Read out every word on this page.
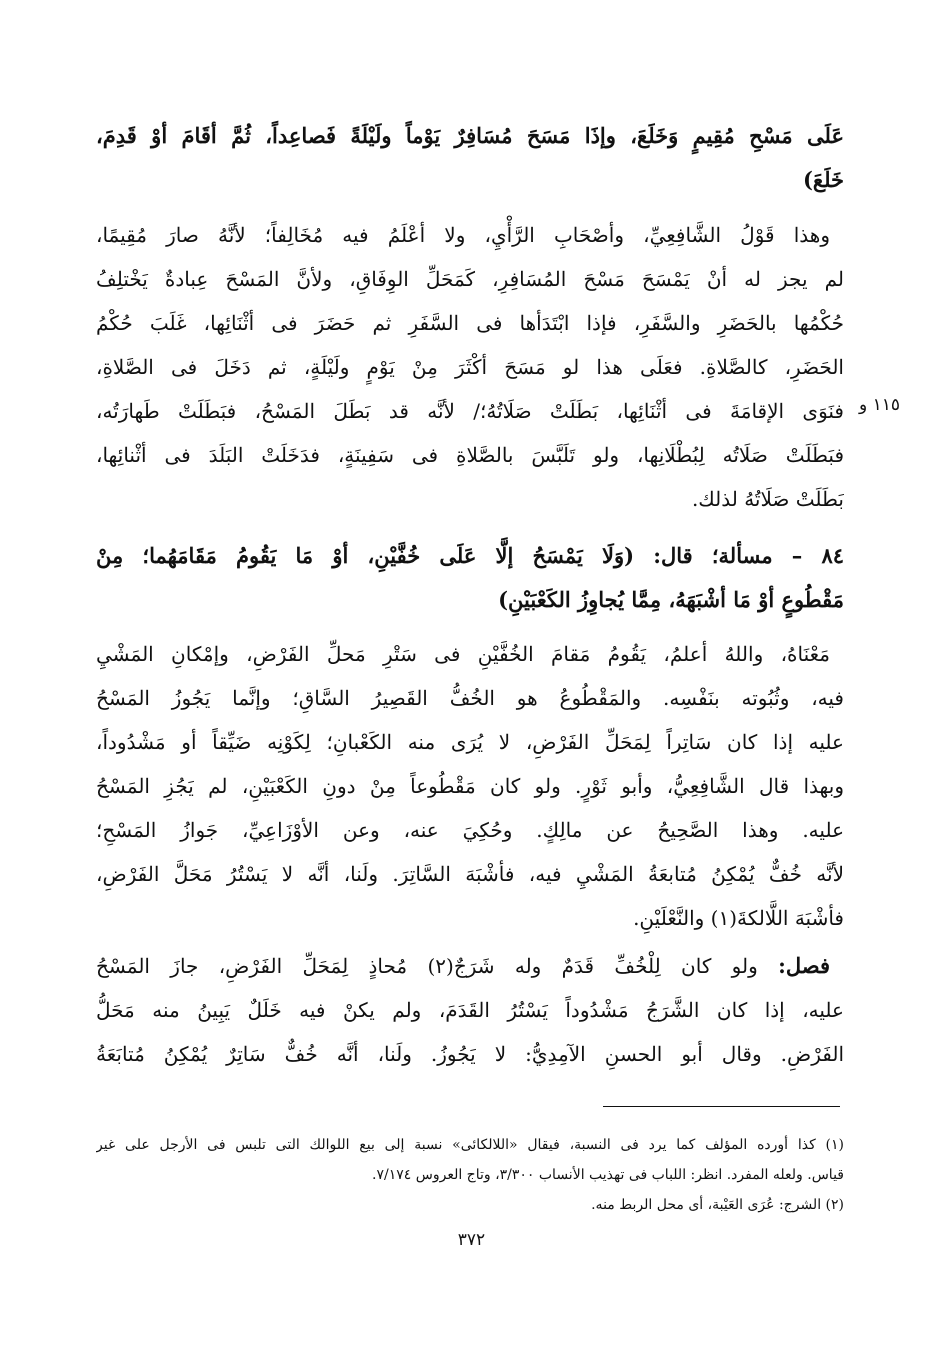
١١٥ و
عَلَى مَسْحِ مُقِيمٍ وَخَلَعَ، وإذَا مَسَحَ مُسَافِرٌ يَوْماً ولَيْلَةً فَصاعِداً، ثُمَّ أقَامَ أوْ قَدِمَ،
خَلَعَ)
وهذا قَوْلُ الشَّافِعِيِّ، وأصْحَابِ الرَّأْيِ، ولا أعْلَمُ فيه مُخَالِفاً؛ لأنَّهُ صارَ مُقِيمًا،
لم يجز له أنْ يَمْسَحَ مَسْحَ المُسَافِرِ، كَمَحَلِّ الوِفَاقِ، ولأنَّ المَسْحَ عِبادةٌ يَخْتلِفُ
حُكْمُها بالحَضَرِ والسَّفَرِ، فإذا ابْتَدَأها فى السَّفَرِ ثم حَضَرَ فى أثْنَائِها، غَلَبَ حُكْمُ
الحَضَرِ، كالصَّلاةِ. فعَلَى هذا لو مَسَحَ أكْثَرَ مِنْ يَوْمٍ ولَيْلَةٍ، ثم دَخَلَ فى الصَّلاةِ،
فنَوَى الإقامَةَ فى أثْنَائِها، بَطَلَتْ صَلَاتُهُ؛/ لأنَّه قد بَطَلَ المَسْحُ، فبَطَلَتْ طَهارَتُه،
فبَطَلَتْ صَلَاتُه لِبُطْلَانِها، ولو تَلَبَّسَ بالصَّلاةِ فى سَفِينَةٍ، فدَخَلَتْ البَلَدَ فى أثْنائِها،
بَطَلَتْ صَلَاتُهُ لذلك.
٨٤ – مسألة؛ قال: (وَلَا يَمْسَحُ إلَّا عَلَى خُفَّيْنِ، أوْ مَا يَقُومُ مَقَامَهُما؛ مِنْ
مَقْطُوعٍ أوْ مَا أشْبَهَهُ، مِمَّا يُجاوِزُ الكَعْبَيْنِ)
مَعْنَاهُ، واللهُ أعلمُ، يَقُومُ مَقامَ الخُفَّيْنِ فى سَتْرِ مَحلِّ الفَرْضِ، وإمْكانِ المَشْيِ
فيه، وثُبُوته بنَفْسِه. والمَقْطُوعُ هو الخُفُّ القَصِيرُ السَّاقِ؛ وإنَّما يَجُوزُ المَسْحُ
عليه إذا كان سَاتِراً لِمَحَلِّ الفَرْضِ، لا يُرَى منه الكَعْبانِ؛ لِكَوْنِه ضَيِّقاً أو مَشْدُوداً،
وبهذا قال الشَّافِعِيُّ، وأبو ثَوْرٍ. ولو كان مَقْطُوعاً مِنْ دونِ الكَعْبَيْنِ، لم يَجُزِ المَسْحُ
عليه. وهذا الصَّحِيحُ عن مالِكٍ. وحُكِيَ عنه، وعن الأوْزَاعِيِّ، جَوازُ المَسْحِ؛
لأنَّه خُفٌّ يُمْكِنُ مُتابعَةُ المَشْيِ فيه، فأشْبَهَ السَّاتِرَ. ولَنا، أنَّه لا يَسْتُرُ مَحَلَّ الفَرْضِ،
فأشْبَهَ اللَّالكةَ(١) والنَّعْلَيْنِ.
فصل: ولو كان لِلْخُفِّ قَدَمٌ وله شَرَجٌ(٢) مُحاذٍ لِمَحَلِّ الفَرْضِ، جازَ المَسْحُ
عليه، إذا كان الشَّرَجُ مَشْدُوداً يَسْتُرُ القَدَمَ، ولم يكنْ فيه خَلَلٌ يَبِينُ منه مَحَلُّ
الفَرْضِ. وقال أبو الحسنِ الآمِدِيُّ: لا يَجُوزُ. ولَنا، أنَّه خُفٌّ سَاتِرٌ يُمْكِنُ مُتابَعَةُ
(١) كذا أورده المؤلف كما يرد فى النسبة، فيقال «اللالكائى» نسبة إلى بيع اللوالك التى تلبس فى الأرجل على غير
قياس. ولعله المفرد. انظر: اللباب فى تهذيب الأنساب ٣/٣٠٠، وتاج العروس ٧/١٧٤.
(٢) الشرج: عُرَى العَيْبة، أى محل الربط منه.
٣٧٢
